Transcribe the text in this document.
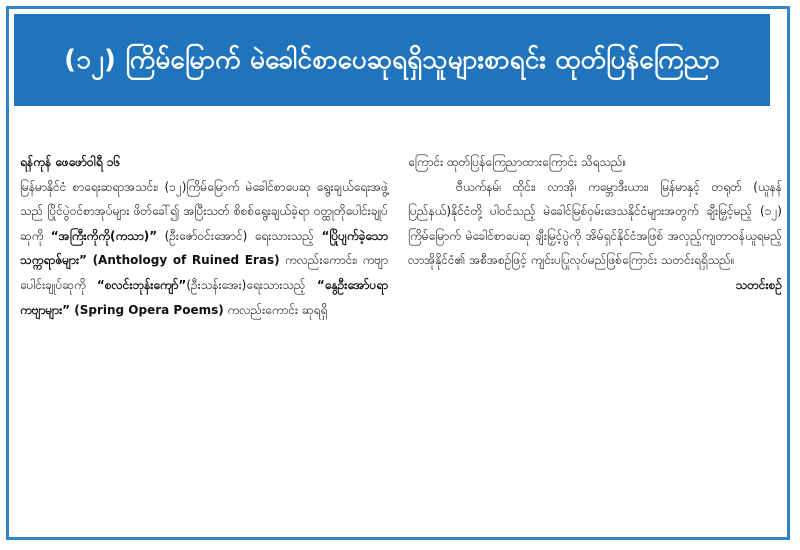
(၁၂) ကြိမ်မြောက် မဲခေါင်စာပေဆုရရှိသူများစာရင်း ထုတ်ပြန်ကြေညာ

ရန်ကုန် ဖေဖော်ဝါရီ ၁၆

မြန်မာနိုင်ငံ စာရေးဆရာအသင်း၊ (၁၂)ကြိမ်မြောက် မဲခေါင်စာပေဆု ရွေးချယ်ရေးအဖွဲ့သည် ပြိုင်ပွဲဝင်စာအုပ်များ ဖိတ်ခေါ်၍ အပြီးသတ် စိစစ်ရွေးချယ်ခဲ့ရာ ဝတ္ထုတိုပေါင်းချုပ်ဆုကို “အကြီးကိုကို(ကသာ)” (ဦးဇော်ဝင်းအောင်) ရေးသားသည့် “ပြိုပျက်ခဲ့သော သက္ကရာဇ်များ” (Anthology of Ruined Eras) ကလည်းကောင်း၊ ကဗျာပေါင်းချုပ်ဆုကို “စလင်းဘုန်းကျော်”(ဦးသန်းအေး)ရေးသားသည့် “နွေဦးအော်ပရာကဗျာများ” (Spring Opera Poems) ကလည်းကောင်း ဆုရရှိ

ကြောင်း ထုတ်ပြန်ကြေညာထားကြောင်း သိရသည်။

ဗီယက်နမ်၊ ထိုင်း၊ လာအို၊ ကမ္ဘောဒီးယား၊ မြန်မာနှင့် တရုတ် (ယူနန်ပြည်နယ်)နိုင်ငံတို့ ပါဝင်သည့် မဲခေါင်မြစ်ဝှမ်းဒေသနိုင်ငံများအတွက် ချီးမြှင့်မည့် (၁၂) ကြိမ်မြောက် မဲခေါင်စာပေဆု ချီးမြှင့်ပွဲကို အိမ်ရှင်နိုင်ငံအဖြစ် အလှည့်ကျတာဝန်ယူရမည့် လာအိုနိုင်ငံ၏ အစီအစဉ်ဖြင့် ကျင်းပပြုလုပ်မည်ဖြစ်ကြောင်း သတင်းရရှိသည်။

သတင်းစဉ်
